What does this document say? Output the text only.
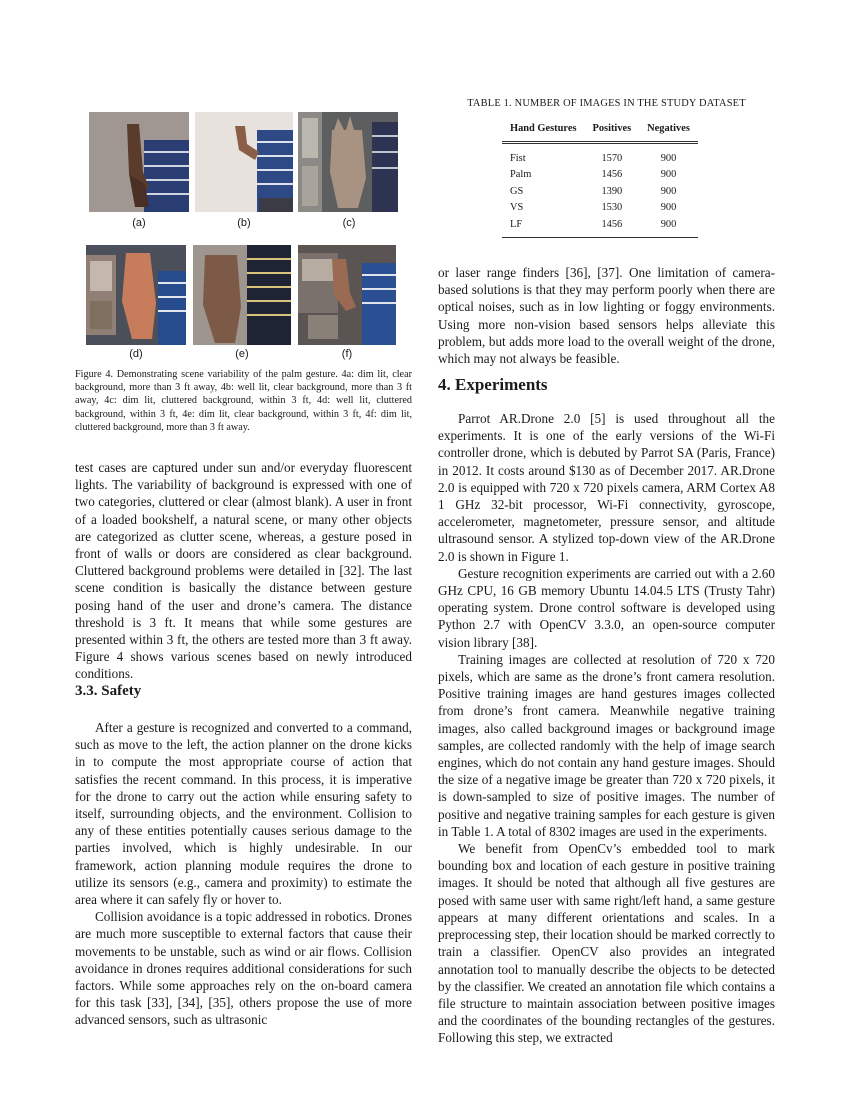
(a)	(b)	(c)
(d)	(e)	(f)
Figure 4. Demonstrating scene variability of the palm gesture. 4a: dim lit, clear background, more than 3 ft away, 4b: well lit, clear background, more than 3 ft away, 4c: dim lit, cluttered background, within 3 ft, 4d: well lit, cluttered background, within 3 ft, 4e: dim lit, clear background, within 3 ft, 4f: dim lit, cluttered background, more than 3 ft away.
TABLE 1. NUMBER OF IMAGES IN THE STUDY DATASET
Hand Gestures	Positives	Negatives
Fist	1570	900
Palm	1456	900
GS	1390	900
VS	1530	900
LF	1456	900

test cases are captured under sun and/or everyday fluorescent lights. The variability of background is expressed with one of two categories, cluttered or clear (almost blank). A user in front of a loaded bookshelf, a natural scene, or many other objects are categorized as clutter scene, whereas, a gesture posed in front of walls or doors are considered as clear background. Cluttered background problems were detailed in [32]. The last scene condition is basically the distance between gesture posing hand of the user and drone’s camera. The distance threshold is 3 ft. It means that while some gestures are presented within 3 ft, the others are tested more than 3 ft away. Figure 4 shows various scenes based on newly introduced conditions.

3.3. Safety

After a gesture is recognized and converted to a command, such as move to the left, the action planner on the drone kicks in to compute the most appropriate course of action that satisfies the recent command. In this process, it is imperative for the drone to carry out the action while ensuring safety to itself, surrounding objects, and the environment. Collision to any of these entities potentially causes serious damage to the parties involved, which is highly undesirable. In our framework, action planning module requires the drone to utilize its sensors (e.g., camera and proximity) to estimate the area where it can safely fly or hover to.

Collision avoidance is a topic addressed in robotics. Drones are much more susceptible to external factors that cause their movements to be unstable, such as wind or air flows. Collision avoidance in drones requires additional considerations for such factors. While some approaches rely on the on-board camera for this task [33], [34], [35], others propose the use of more advanced sensors, such as ultrasonic

or laser range finders [36], [37]. One limitation of camera-based solutions is that they may perform poorly when there are optical noises, such as in low lighting or foggy environments. Using more non-vision based sensors helps alleviate this problem, but adds more load to the overall weight of the drone, which may not always be feasible.

4. Experiments

Parrot AR.Drone 2.0 [5] is used throughout all the experiments. It is one of the early versions of the Wi-Fi controller drone, which is debuted by Parrot SA (Paris, France) in 2012. It costs around $130 as of December 2017. AR.Drone 2.0 is equipped with 720 x 720 pixels camera, ARM Cortex A8 1 GHz 32-bit processor, Wi-Fi connectivity, gyroscope, accelerometer, magnetometer, pressure sensor, and altitude ultrasound sensor. A stylized top-down view of the AR.Drone 2.0 is shown in Figure 1.

Gesture recognition experiments are carried out with a 2.60 GHz CPU, 16 GB memory Ubuntu 14.04.5 LTS (Trusty Tahr) operating system. Drone control software is developed using Python 2.7 with OpenCV 3.3.0, an open-source computer vision library [38].

Training images are collected at resolution of 720 x 720 pixels, which are same as the drone’s front camera resolution. Positive training images are hand gestures images collected from drone’s front camera. Meanwhile negative training images, also called background images or background image samples, are collected randomly with the help of image search engines, which do not contain any hand gesture images. Should the size of a negative image be greater than 720 x 720 pixels, it is down-sampled to size of positive images. The number of positive and negative training samples for each gesture is given in Table 1. A total of 8302 images are used in the experiments.

We benefit from OpenCv’s embedded tool to mark bounding box and location of each gesture in positive training images. It should be noted that although all five gestures are posed with same user with same right/left hand, a same gesture appears at many different orientations and scales. In a preprocessing step, their location should be marked correctly to train a classifier. OpenCV also provides an integrated annotation tool to manually describe the objects to be detected by the classifier. We created an annotation file which contains a file structure to maintain association between positive images and the coordinates of the bounding rectangles of the gestures. Following this step, we extracted
